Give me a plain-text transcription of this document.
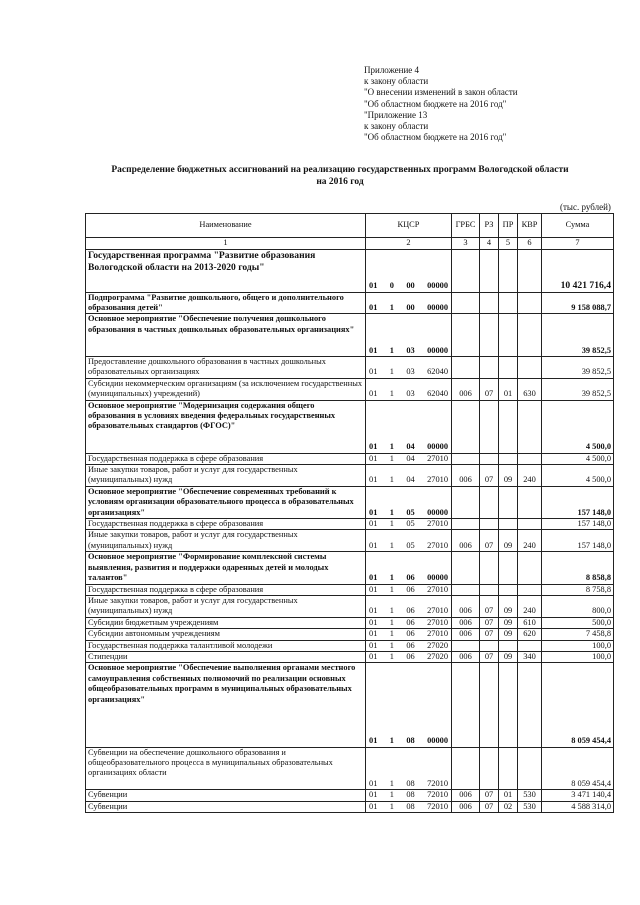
Приложение 4
к закону области
"О внесении изменений в закон области
"Об областном бюджете на 2016 год"
"Приложение 13
к закону области
"Об областном бюджете на 2016 год"
Распределение бюджетных ассигнований на реализацию государственных программ Вологодской области
на 2016 год
(тыс. рублей)
Наименование	КЦСР	ГРБС	РЗ	ПР	КВР	Сумма
1	2	3	4	5	6	7
Государственная программа "Развитие образования Вологодской области на 2013-2020 годы"	01 0 00 00000					10 421 716,4
Подпрограмма "Развитие дошкольного, общего и дополнительного образования детей"	01 1 00 00000					9 158 088,7
Основное мероприятие "Обеспечение получения дошкольного образования в частных дошкольных образовательных организациях"	01 1 03 00000					39 852,5
Предоставление дошкольного образования в частных дошкольных образовательных организациях	01 1 03 62040					39 852,5
Субсидии некоммерческим организациям (за исключением государственных (муниципальных) учреждений)	01 1 03 62040	006	07	01	630	39 852,5
Основное мероприятие "Модернизация содержания общего образования в условиях введения федеральных государственных образовательных стандартов (ФГОС)"	01 1 04 00000					4 500,0
Государственная поддержка в сфере образования	01 1 04 27010					4 500,0
Иные закупки товаров, работ и услуг для государственных (муниципальных) нужд	01 1 04 27010	006	07	09	240	4 500,0
Основное мероприятие "Обеспечение современных требований к условиям организации образовательного процесса в образовательных организациях"	01 1 05 00000					157 148,0
Государственная поддержка в сфере образования	01 1 05 27010					157 148,0
Иные закупки товаров, работ и услуг для государственных (муниципальных) нужд	01 1 05 27010	006	07	09	240	157 148,0
Основное мероприятие "Формирование комплексной системы выявления, развития и поддержки одаренных детей и молодых талантов"	01 1 06 00000					8 858,8
Государственная поддержка в сфере образования	01 1 06 27010					8 758,8
Иные закупки товаров, работ и услуг для государственных (муниципальных) нужд	01 1 06 27010	006	07	09	240	800,0
Субсидии бюджетным учреждениям	01 1 06 27010	006	07	09	610	500,0
Субсидии автономным учреждениям	01 1 06 27010	006	07	09	620	7 458,8
Государственная поддержка талантливой молодежи	01 1 06 27020					100,0
Стипендии	01 1 06 27020	006	07	09	340	100,0
Основное мероприятие "Обеспечение выполнения органами местного самоуправления собственных полномочий по реализации основных общеобразовательных программ в муниципальных образовательных организациях"	01 1 08 00000					8 059 454,4
Субвенции на обеспечение дошкольного образования и общеобразовательного процесса в муниципальных образовательных организациях области	01 1 08 72010					8 059 454,4
Субвенции	01 1 08 72010	006	07	01	530	3 471 140,4
Субвенции	01 1 08 72010	006	07	02	530	4 588 314,0
